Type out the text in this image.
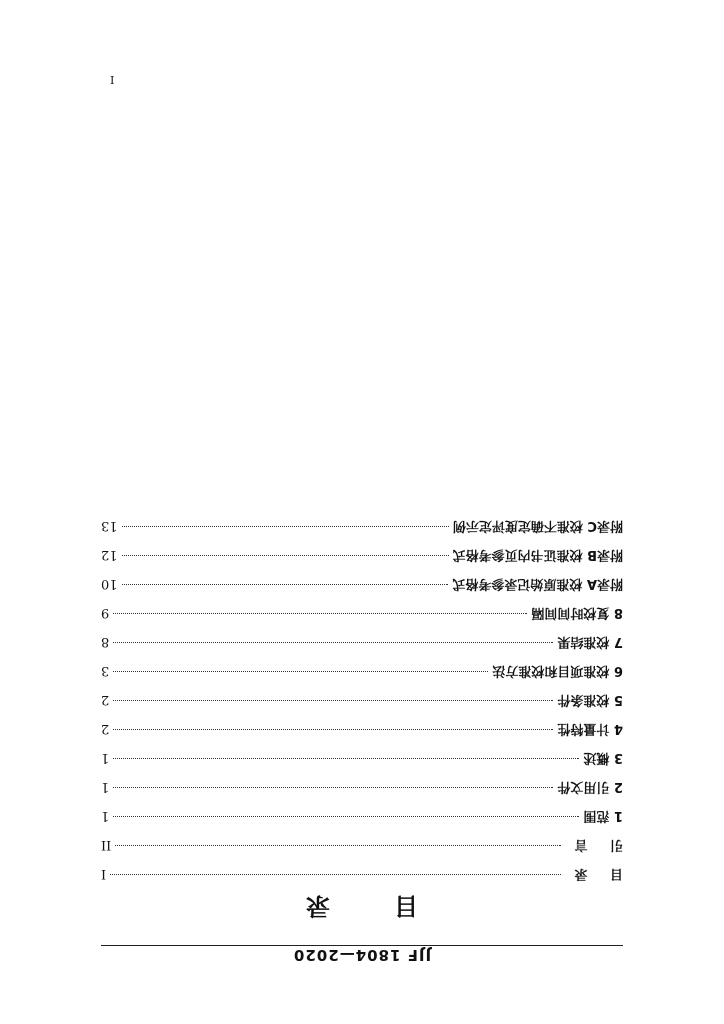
JJF 1804—2020
目 录
目 录
I
引 言
II
1 范围
1
2 引用文件
1
3 概述
1
4 计量特性
2
5 校准条件
2
6 校准项目和校准方法
3
7 校准结果
8
8 复校时间间隔
9
附录A 校准原始记录参考格式
10
附录B 校准证书内页参考格式
12
附录C 校准不确定度评定示例
13
I
